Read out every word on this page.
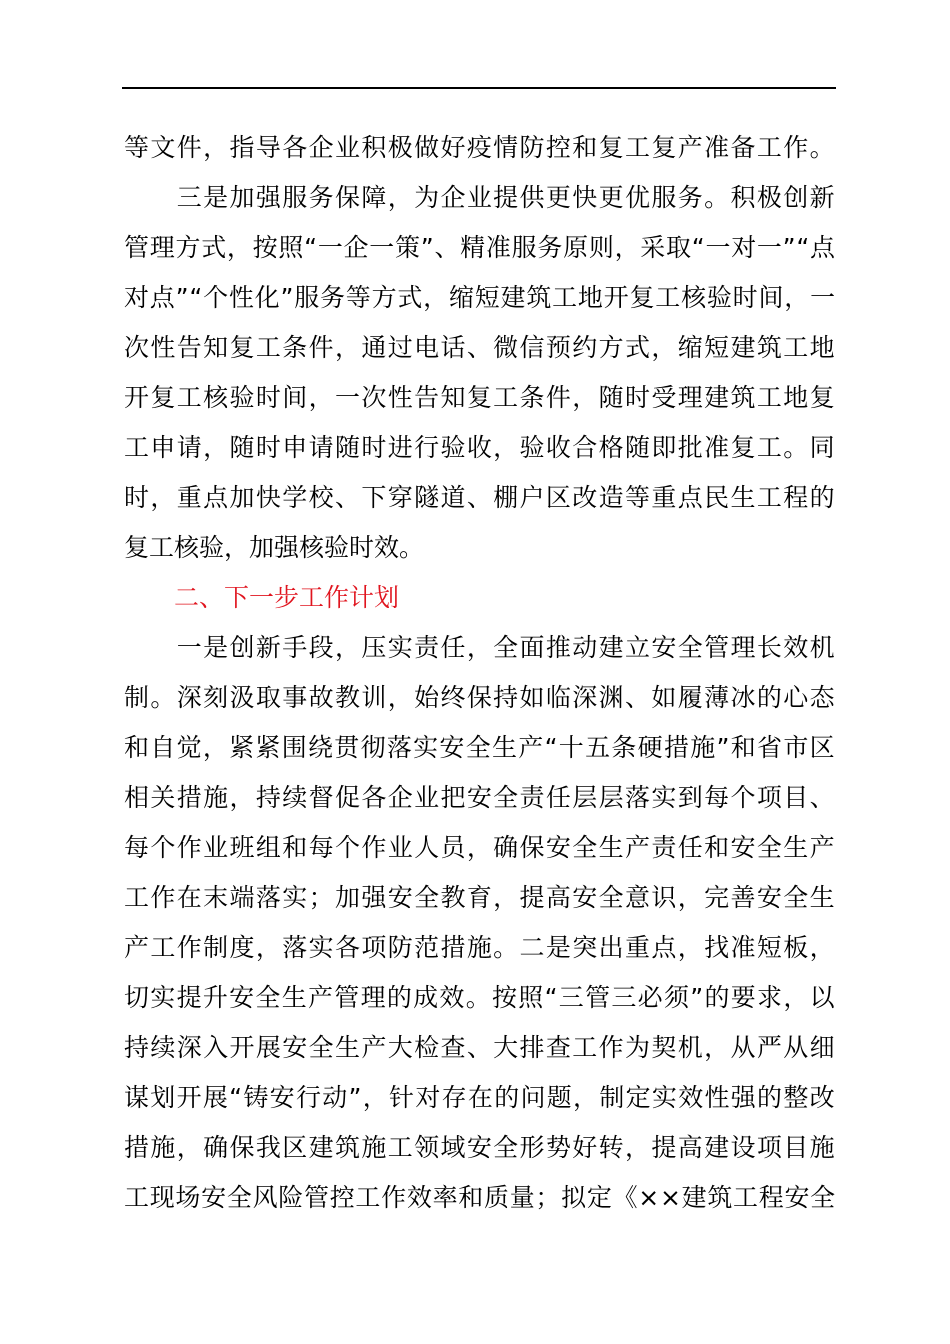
等文件，指导各企业积极做好疫情防控和复工复产准备工作。
　　三是加强服务保障，为企业提供更快更优服务。积极创新
管理方式，按照“一企一策”、精准服务原则，采取“一对一”“点
对点”“个性化”服务等方式，缩短建筑工地开复工核验时间，一
次性告知复工条件，通过电话、微信预约方式，缩短建筑工地
开复工核验时间，一次性告知复工条件，随时受理建筑工地复
工申请，随时申请随时进行验收，验收合格随即批准复工。同
时，重点加快学校、下穿隧道、棚户区改造等重点民生工程的
复工核验，加强核验时效。
　　二、下一步工作计划
　　一是创新手段，压实责任，全面推动建立安全管理长效机
制。深刻汲取事故教训，始终保持如临深渊、如履薄冰的心态
和自觉，紧紧围绕贯彻落实安全生产“十五条硬措施”和省市区
相关措施，持续督促各企业把安全责任层层落实到每个项目、
每个作业班组和每个作业人员，确保安全生产责任和安全生产
工作在末端落实；加强安全教育，提高安全意识，完善安全生
产工作制度，落实各项防范措施。二是突出重点，找准短板，
切实提升安全生产管理的成效。按照“三管三必须”的要求，以
持续深入开展安全生产大检查、大排查工作为契机，从严从细
谋划开展“铸安行动”，针对存在的问题，制定实效性强的整改
措施，确保我区建筑施工领域安全形势好转，提高建设项目施
工现场安全风险管控工作效率和质量；拟定《××建筑工程安全
